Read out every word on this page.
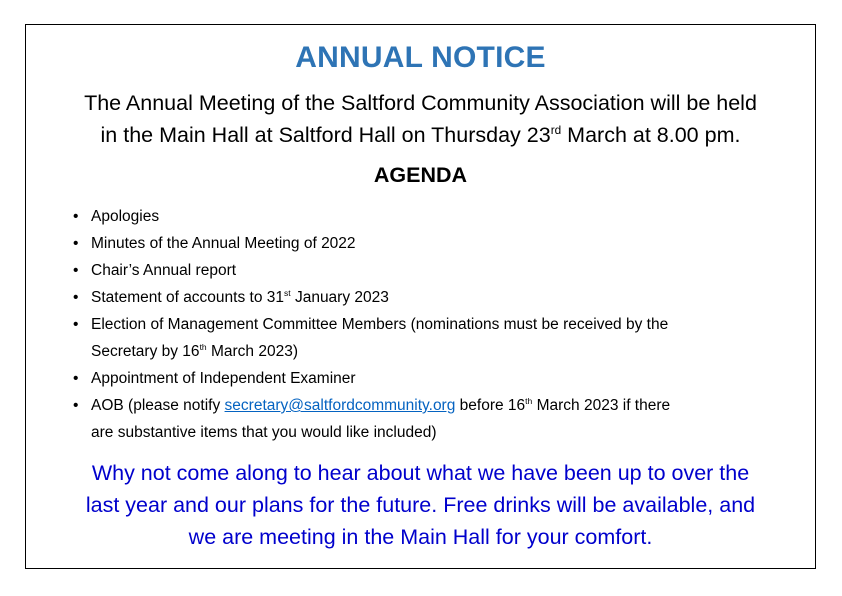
ANNUAL NOTICE

The Annual Meeting of the Saltford Community Association will be held
in the Main Hall at Saltford Hall on Thursday 23rd March at 8.00 pm.

AGENDA
• Apologies
• Minutes of the Annual Meeting of 2022
• Chair’s Annual report
• Statement of accounts to 31st January 2023
• Election of Management Committee Members (nominations must be received by the
Secretary by 16th March 2023)
• Appointment of Independent Examiner
• AOB (please notify secretary@saltfordcommunity.org before 16th March 2023 if there
are substantive items that you would like included)

Why not come along to hear about what we have been up to over the
last year and our plans for the future. Free drinks will be available, and
we are meeting in the Main Hall for your comfort.
